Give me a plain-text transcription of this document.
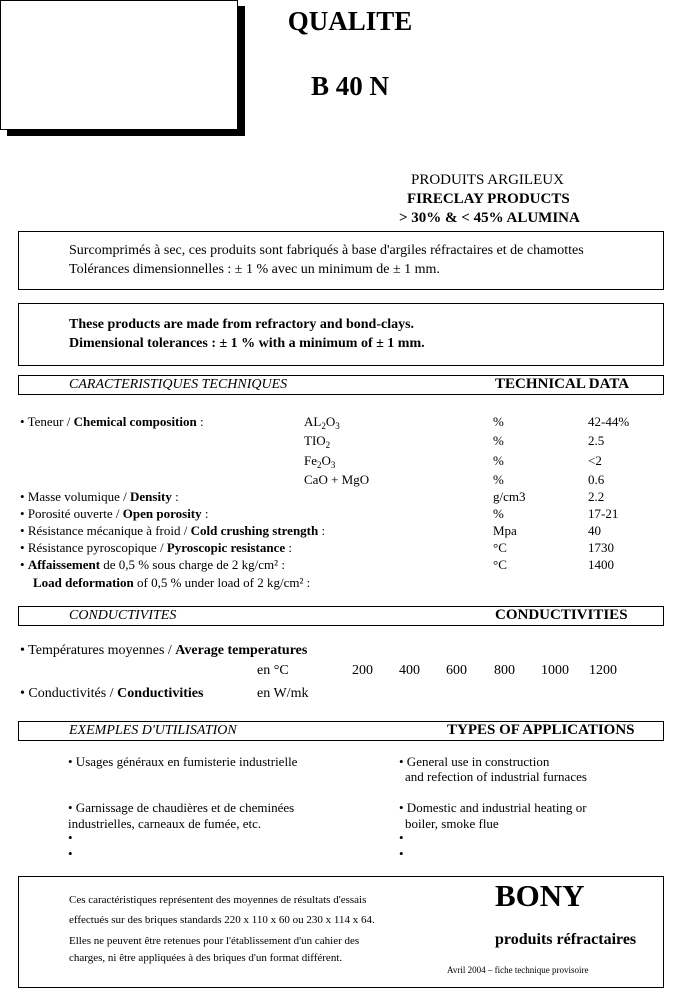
QUALITE
B 40 N
PRODUITS ARGILEUX
FIRECLAY PRODUCTS
> 30% & < 45% ALUMINA
Surcomprimés à sec, ces produits sont fabriqués à base d'argiles réfractaires et de chamottes
Tolérances dimensionnelles : ± 1 % avec un minimum de ± 1 mm.
These products are made from refractory and bond-clays.
Dimensional tolerances : ± 1 % with a minimum of ± 1 mm.
CARACTERISTIQUES TECHNIQUES	TECHNICAL DATA
• Teneur / Chemical composition :	$AL_2O_3$	%	42-44%
$TIO_2$	%	2.5
$Fe_2O_3$	%	<2
CaO + MgO	%	0.6
• Masse volumique / Density :	g/cm3	2.2
• Porosité ouverte / Open porosity :	%	17-21
• Résistance mécanique à froid / Cold crushing strength :	Mpa	40
• Résistance pyroscopique / Pyroscopic resistance :	°C	1730
• Affaissement de 0,5 % sous charge de 2 kg/cm² :	°C	1400
Load deformation of 0,5 % under load of 2 kg/cm² :
CONDUCTIVITES	CONDUCTIVITIES
• Températures moyennes / Average temperatures
en °C	200 400 600 800 1000 1200
• Conductivités / Conductivities	en W/mk
EXEMPLES D'UTILISATION	TYPES OF APPLICATIONS
• Usages généraux en fumisterie industrielle
• Garnissage de chaudières et de cheminées
industrielles, carneaux de fumée, etc.
•
•
• General use in construction
and refection of industrial furnaces
• Domestic and industrial heating or
boiler, smoke flue
•
•
Ces caractéristiques représentent des moyennes de résultats d'essais
effectués sur des briques standards 220 x 110 x 60 ou 230 x 114 x 64.
Elles ne peuvent être retenues pour l'établissement d'un cahier des
charges, ni être appliquées à des briques d'un format différent.
BONY
produits réfractaires
Avril 2004 – fiche technique provisoire
